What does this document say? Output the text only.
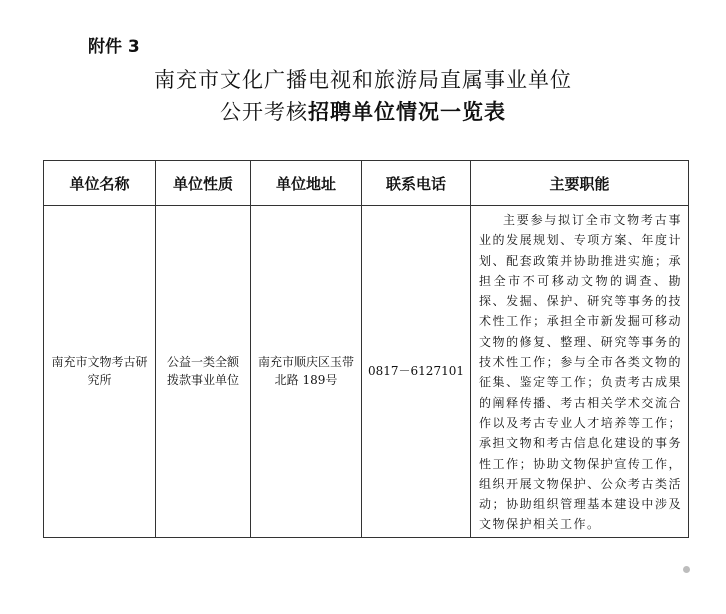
附件 3
南充市文化广播电视和旅游局直属事业单位
公开考核招聘单位情况一览表
单位名称	单位性质	单位地址	联系电话	主要职能
南充市文物考古研究所	公益一类全额拨款事业单位	南充市顺庆区玉带北路 189号	0817－6127101	主要参与拟订全市文物考古事业的发展规划、专项方案、年度计划、配套政策并协助推进实施；承担全市不可移动文物的调查、勘探、发掘、保护、研究等事务的技术性工作；承担全市新发掘可移动文物的修复、整理、研究等事务的技术性工作；参与全市各类文物的征集、鉴定等工作；负责考古成果的阐释传播、考古相关学术交流合作以及考古专业人才培养等工作；承担文物和考古信息化建设的事务性工作；协助文物保护宣传工作，组织开展文物保护、公众考古类活动；协助组织管理基本建设中涉及文物保护相关工作。
